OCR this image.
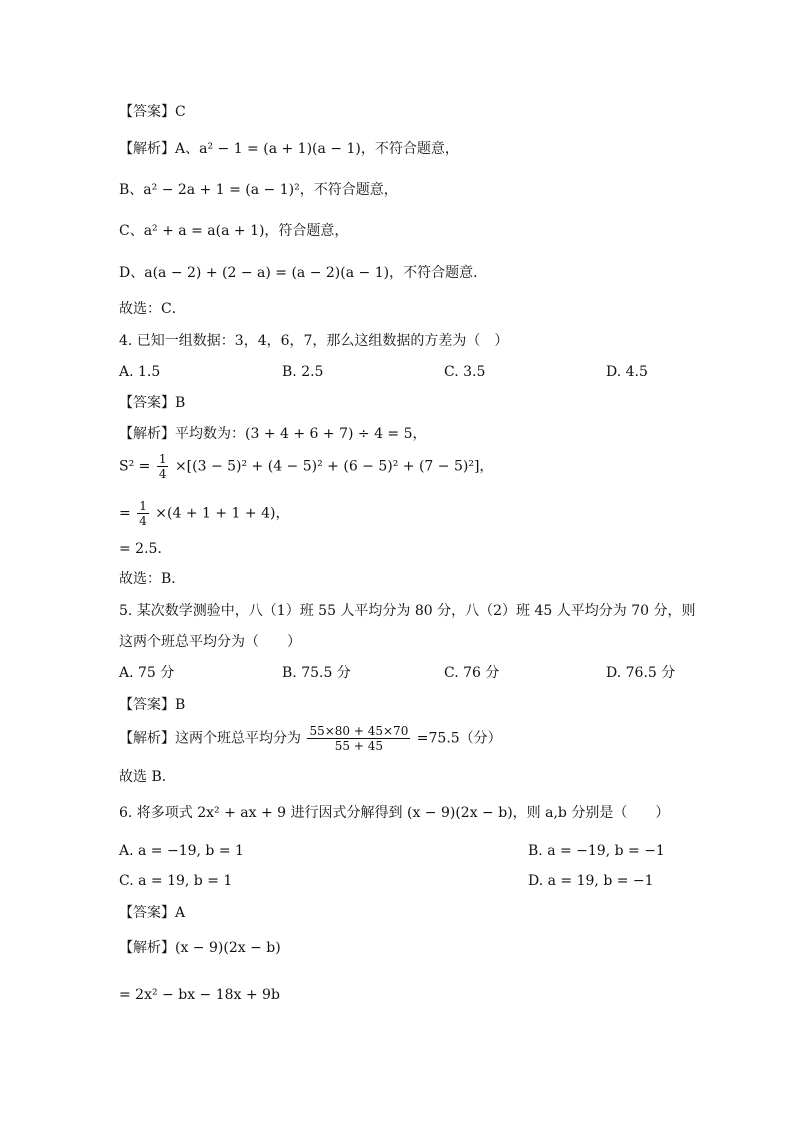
【答案】C
【解析】A、a² − 1 = (a + 1)(a − 1)，不符合题意，
B、a² − 2a + 1 = (a − 1)²，不符合题意，
C、a² + a = a(a + 1)，符合题意，
D、a(a − 2) + (2 − a) = (a − 2)(a − 1)，不符合题意．
故选：C．
4. 已知一组数据：3，4，6，7，那么这组数据的方差为（　）
A. 1.5	B. 2.5	C. 3.5	D. 4.5
【答案】B
【解析】平均数为：(3 + 4 + 6 + 7) ÷ 4 = 5，
$S^2 = \frac{1}{4} \times[(3 - 5)^2 + (4 - 5)^2 + (6 - 5)^2 + (7 - 5)^2]$，
= $\frac{1}{4} \times(4 + 1 + 1 + 4)$，
= 2.5．
故选：B．
5. 某次数学测验中，八（1）班 55 人平均分为 80 分，八（2）班 45 人平均分为 70 分，则
这两个班总平均分为（　　）
A. 75 分	B. 75.5 分	C. 76 分	D. 76.5 分
【答案】B
【解析】这两个班总平均分为 $\frac{55\times 80 + 45\times 70}{55 + 45} =75.5$（分）
故选 B．
6. 将多项式 2x² + ax + 9 进行因式分解得到 (x − 9)(2x − b)，则 a,b 分别是（　　）
A. a = −19, b = 1	B. a = −19, b = −1
C. a = 19, b = 1	D. a = 19, b = −1
【答案】A
【解析】(x − 9)(2x − b)
= 2x² − bx − 18x + 9b
